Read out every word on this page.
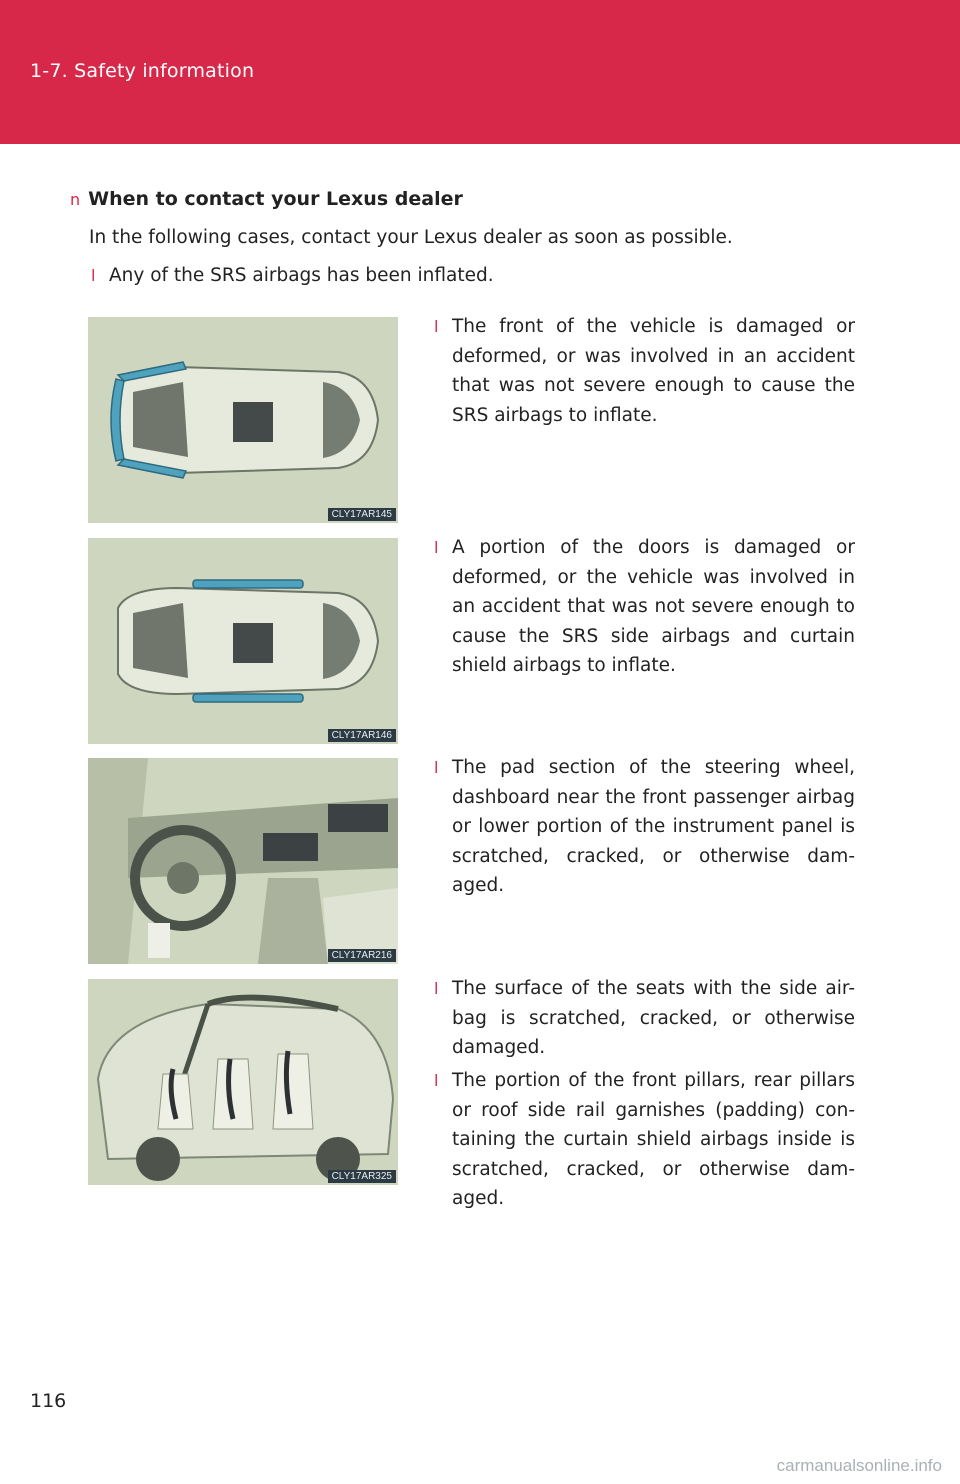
1-7. Safety information
n When to contact your Lexus dealer
In the following cases, contact your Lexus dealer as soon as possible.
l Any of the SRS airbags has been inflated.
CLY17AR145
l The front of the vehicle is damaged or deformed, or was involved in an accident that was not severe enough to cause the SRS airbags to inflate.
CLY17AR146
l A portion of the doors is damaged or deformed, or the vehicle was involved in an accident that was not severe enough to cause the SRS side airbags and curtain shield airbags to inflate.
CLY17AR216
l The pad section of the steering wheel, dashboard near the front passenger airbag or lower portion of the instrument panel is scratched, cracked, or otherwise dam-aged.
CLY17AR325
l The surface of the seats with the side air-bag is scratched, cracked, or otherwise damaged.
l The portion of the front pillars, rear pillars or roof side rail garnishes (padding) con-taining the curtain shield airbags inside is scratched, cracked, or otherwise dam-aged.
116
carmanualsonline.info
